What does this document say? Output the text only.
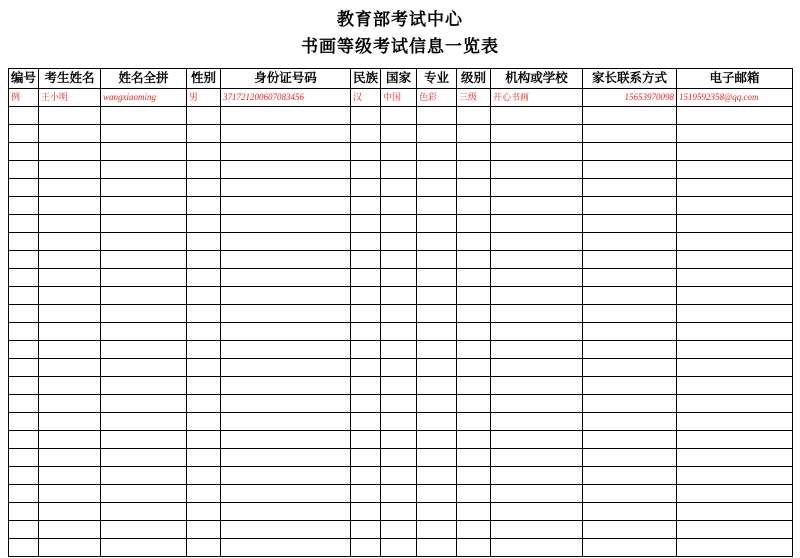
教育部考试中心
书画等级考试信息一览表
编号	考生姓名	姓名全拼	性别	身份证号码	民族	国家	专业	级别	机构或学校	家长联系方式	电子邮箱
例	王小明	wangxiaoming	男	371721200607083456	汉	中国	色彩	三级	开心书画	15653970098	1519592358@qq.com
